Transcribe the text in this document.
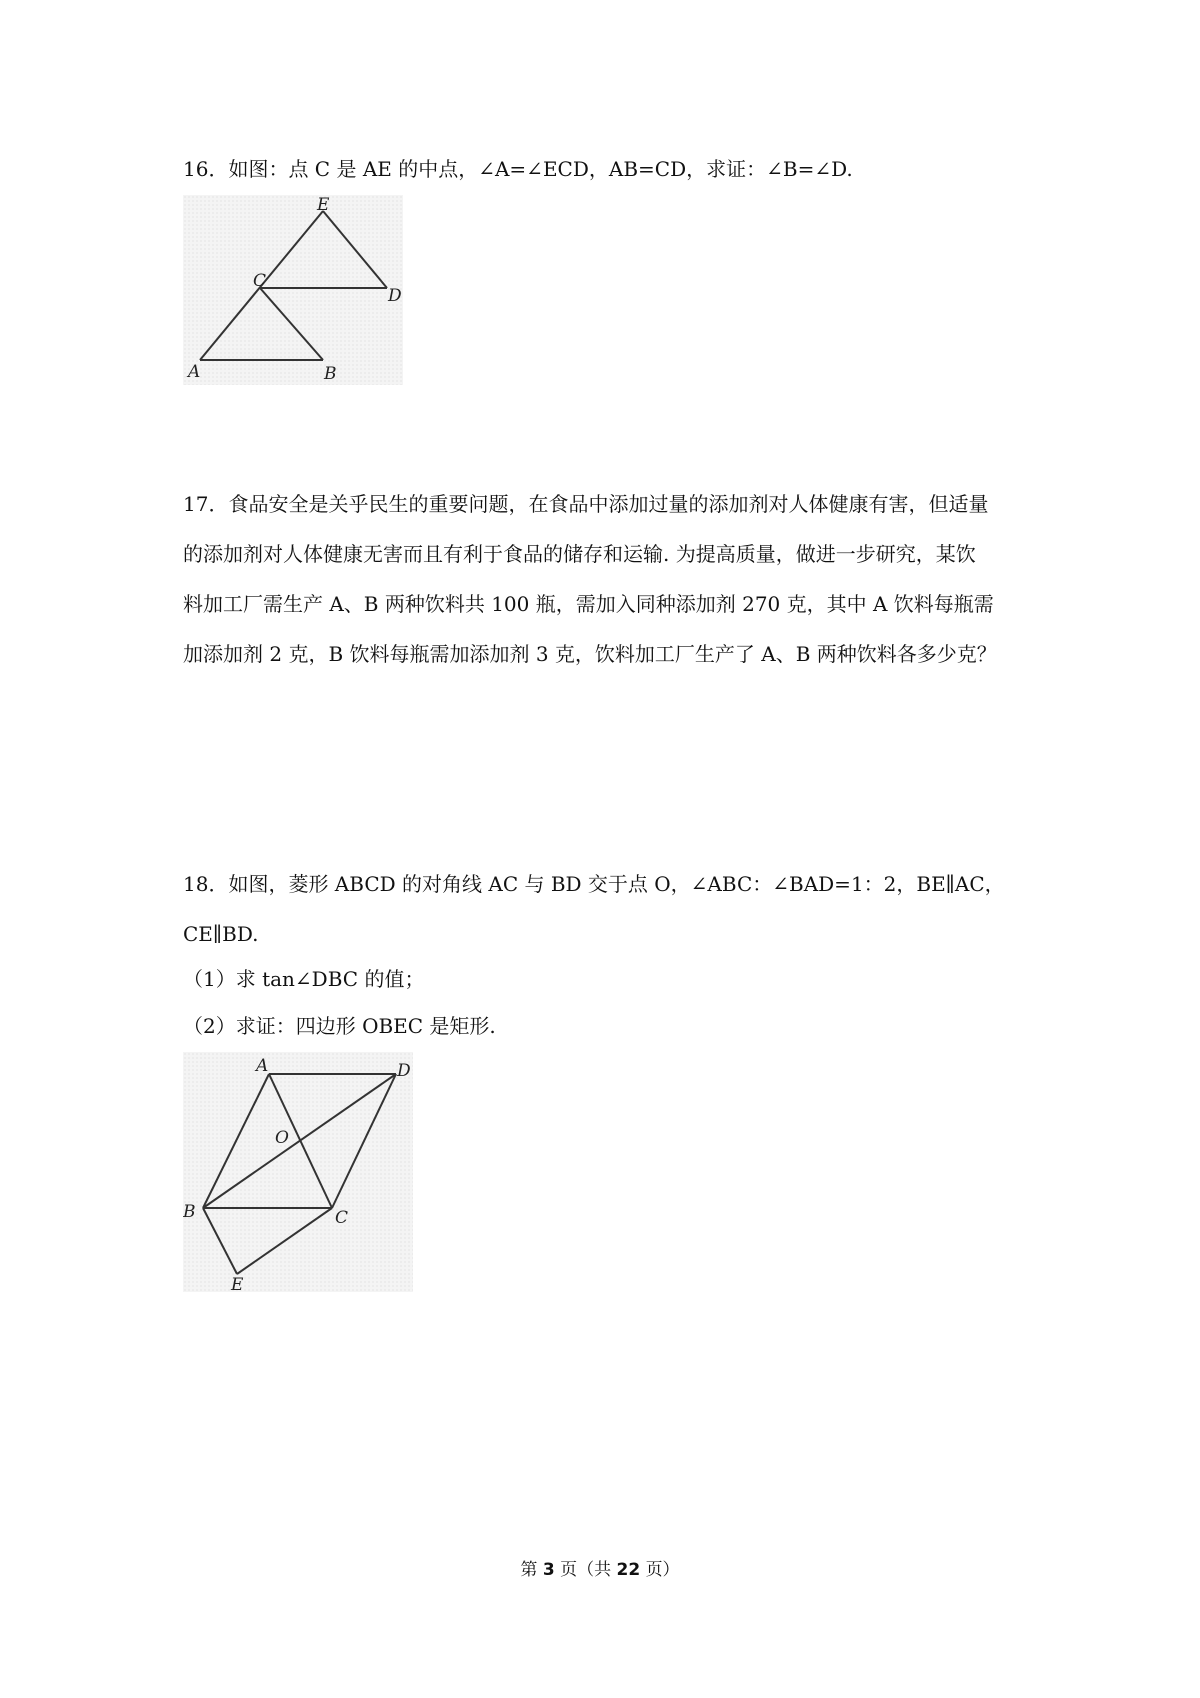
16．如图：点 C 是 AE 的中点，∠A=∠ECD，AB=CD，求证：∠B=∠D.
E
C
D
A	B
17．食品安全是关乎民生的重要问题，在食品中添加过量的添加剂对人体健康有害，但适量
的添加剂对人体健康无害而且有利于食品的储存和运输. 为提高质量，做进一步研究，某饮
料加工厂需生产 A、B 两种饮料共 100 瓶，需加入同种添加剂 270 克，其中 A 饮料每瓶需
加添加剂 2 克，B 饮料每瓶需加添加剂 3 克，饮料加工厂生产了 A、B 两种饮料各多少克？
18．如图，菱形 ABCD 的对角线 AC 与 BD 交于点 O，∠ABC：∠BAD=1：2，BE∥AC，
CE∥BD.
（1）求 tan∠DBC 的值；
（2）求证：四边形 OBEC 是矩形.
A	D
O
B	C
E
第 3 页（共 22 页）
